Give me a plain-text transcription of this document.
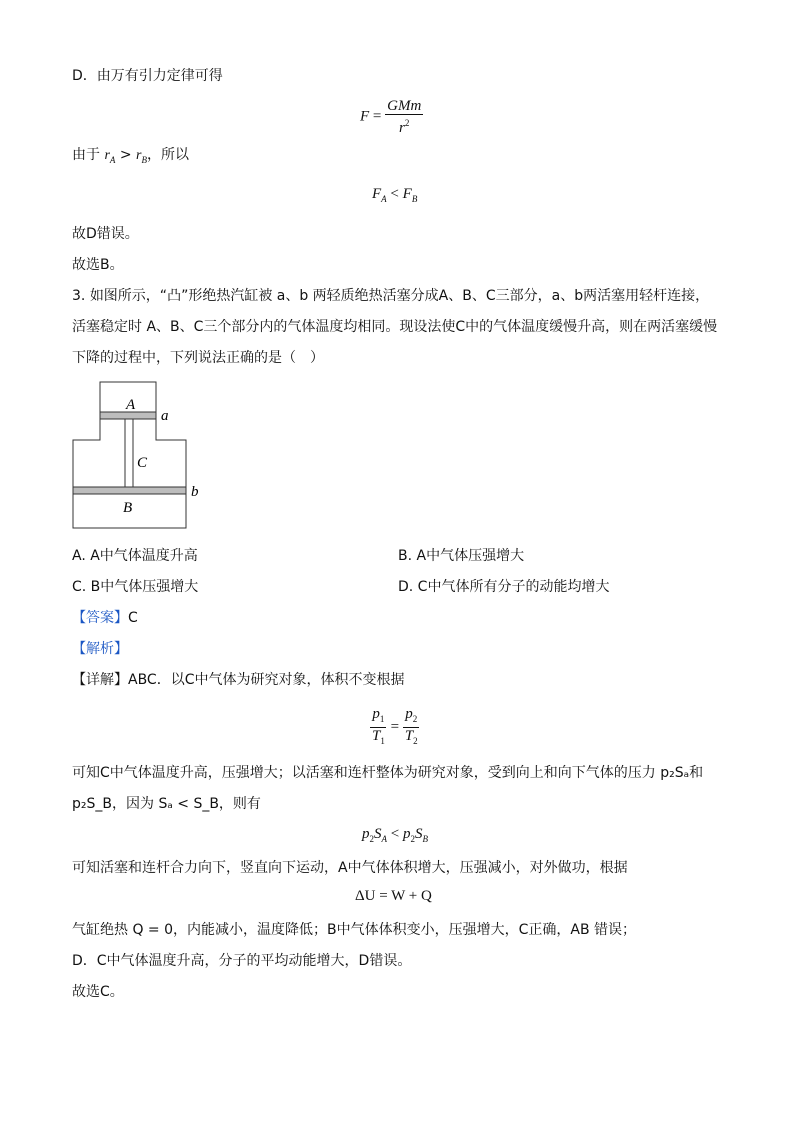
D．由万有引力定律可得
$F = \frac{\text{GMm}}{r^2}$
由于 $r_A > r_B$，所以
$F_A < F_B$
故D错误。
故选B。
3. 如图所示，“凸”形绝热汽缸被 a、b 两轻质绝热活塞分成A、B、C三部分，a、b两活塞用轻杆连接，
活塞稳定时 A、B、C三个部分内的气体温度均相同。现设法使C中的气体温度缓慢升高，则在两活塞缓慢
下降的过程中，下列说法正确的是（　）
A
a
C
B
b
A. A中气体温度升高	B. A中气体压强增大
C. B中气体压强增大	D. C中气体所有分子的动能均增大
【答案】C
【解析】
【详解】ABC．以C中气体为研究对象，体积不变根据
$\frac{p_1}{T_1} = \frac{p_2}{T_2}$
可知C中气体温度升高，压强增大；以活塞和连杆整体为研究对象，受到向上和向下气体的压力 p₂Sₐ和
p₂S_B，因为 Sₐ < S_B，则有
$p_2S_A < p_2S_B$
可知活塞和连杆合力向下，竖直向下运动，A中气体体积增大，压强减小，对外做功，根据
ΔU = W + Q
气缸绝热 Q = 0，内能减小，温度降低；B中气体体积变小，压强增大，C正确，AB 错误；
D．C中气体温度升高，分子的平均动能增大，D错误。
故选C。
